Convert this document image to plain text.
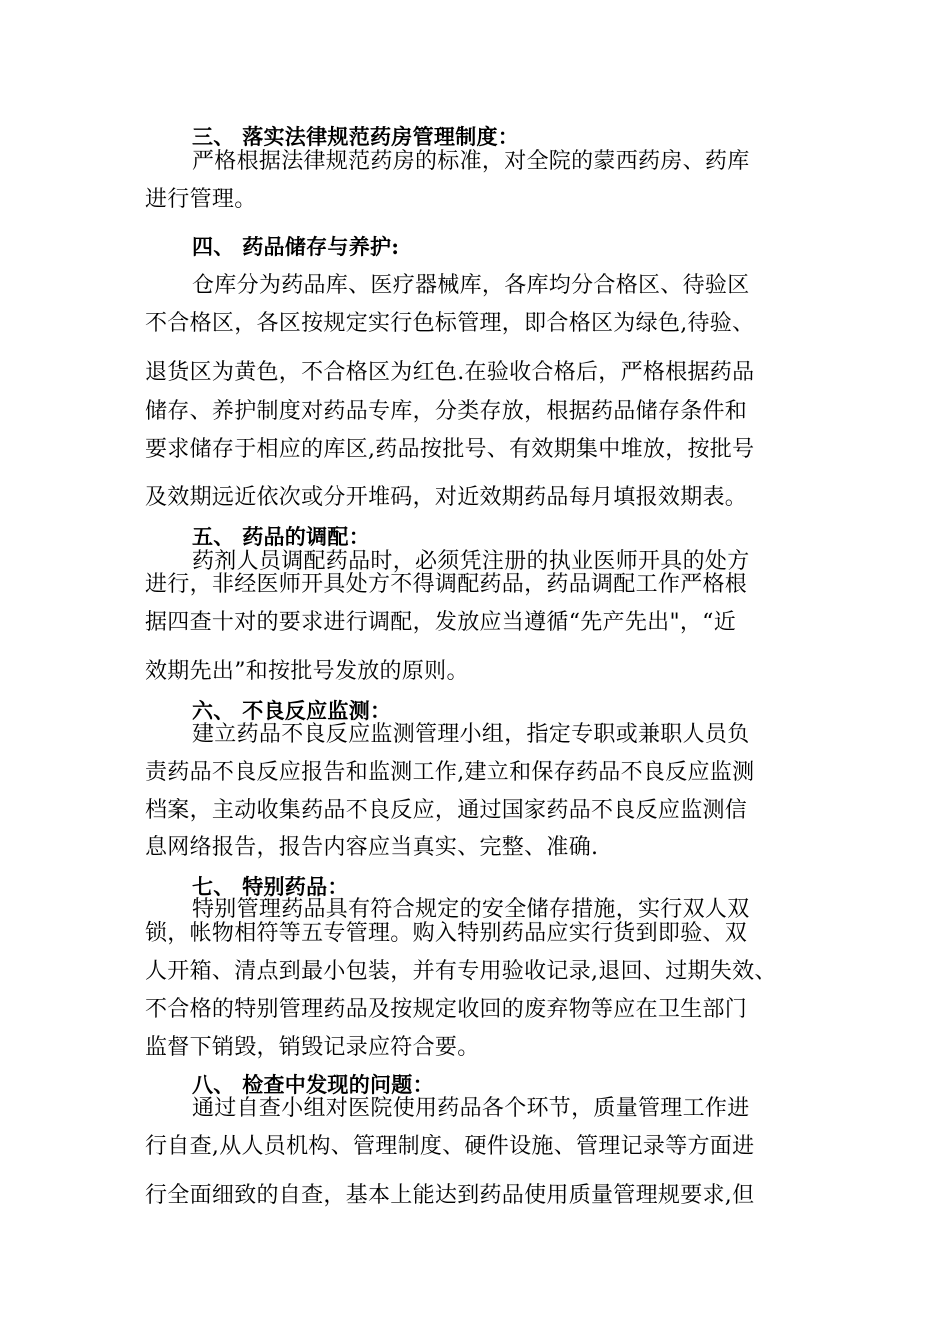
三、 落实法律规范药房管理制度：
严格根据法律规范药房的标准，对全院的蒙西药房、药库
进行管理。
四、 药品储存与养护:
仓库分为药品库、医疗器械库，各库均分合格区、待验区
不合格区，各区按规定实行色标管理，即合格区为绿色,待验、
退货区为黄色，不合格区为红色.在验收合格后，严格根据药品
储存、养护制度对药品专库，分类存放，根据药品储存条件和
要求储存于相应的库区,药品按批号、有效期集中堆放，按批号
及效期远近依次或分开堆码，对近效期药品每月填报效期表。
五、 药品的调配：
药剂人员调配药品时，必须凭注册的执业医师开具的处方
进行，非经医师开具处方不得调配药品，药品调配工作严格根
据四查十对的要求进行调配，发放应当遵循“先产先出"，“近
效期先出”和按批号发放的原则。
六、 不良反应监测：
建立药品不良反应监测管理小组，指定专职或兼职人员负
责药品不良反应报告和监测工作,建立和保存药品不良反应监测
档案，主动收集药品不良反应，通过国家药品不良反应监测信
息网络报告，报告内容应当真实、完整、准确.
七、 特别药品：
特别管理药品具有符合规定的安全储存措施，实行双人双
锁，帐物相符等五专管理。购入特别药品应实行货到即验、双
人开箱、清点到最小包装，并有专用验收记录,退回、过期失效、
不合格的特别管理药品及按规定收回的废弃物等应在卫生部门
监督下销毁，销毁记录应符合要。
八、 检查中发现的问题：
通过自查小组对医院使用药品各个环节，质量管理工作进
行自查,从人员机构、管理制度、硬件设施、管理记录等方面进
行全面细致的自查，基本上能达到药品使用质量管理规要求,但
